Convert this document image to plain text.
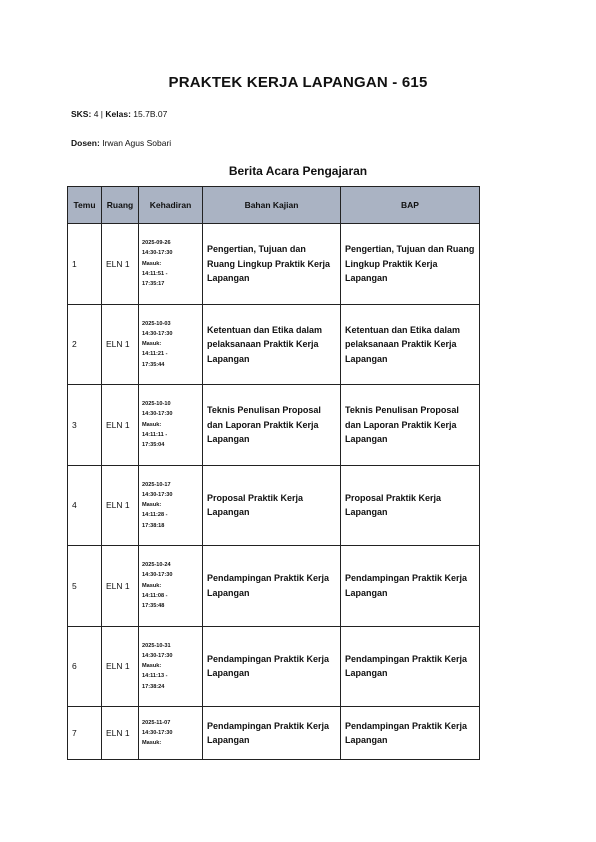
PRAKTEK KERJA LAPANGAN - 615
SKS: 4 | Kelas: 15.7B.07
Dosen: Irwan Agus Sobari
Berita Acara Pengajaran
Temu	Ruang	Kehadiran	Bahan Kajian	BAP
1	ELN 1	2025-09-26
14:30-17:30
Masuk:
14:11:51 -
17:35:17	Pengertian, Tujuan dan Ruang Lingkup Praktik Kerja Lapangan	Pengertian, Tujuan dan Ruang Lingkup Praktik Kerja Lapangan
2	ELN 1	2025-10-03
14:30-17:30
Masuk:
14:11:21 -
17:35:44	Ketentuan dan Etika dalam pelaksanaan Praktik Kerja Lapangan	Ketentuan dan Etika dalam pelaksanaan Praktik Kerja Lapangan
3	ELN 1	2025-10-10
14:30-17:30
Masuk:
14:11:11 -
17:35:04	Teknis Penulisan Proposal dan Laporan Praktik Kerja Lapangan	Teknis Penulisan Proposal dan Laporan Praktik Kerja Lapangan
4	ELN 1	2025-10-17
14:30-17:30
Masuk:
14:11:28 -
17:38:18	Proposal Praktik Kerja Lapangan	Proposal Praktik Kerja Lapangan
5	ELN 1	2025-10-24
14:30-17:30
Masuk:
14:11:08 -
17:35:48	Pendampingan Praktik Kerja Lapangan	Pendampingan Praktik Kerja Lapangan
6	ELN 1	2025-10-31
14:30-17:30
Masuk:
14:11:13 -
17:38:24	Pendampingan Praktik Kerja Lapangan	Pendampingan Praktik Kerja Lapangan
7	ELN 1	2025-11-07
14:30-17:30
Masuk:	Pendampingan Praktik Kerja Lapangan	Pendampingan Praktik Kerja Lapangan
